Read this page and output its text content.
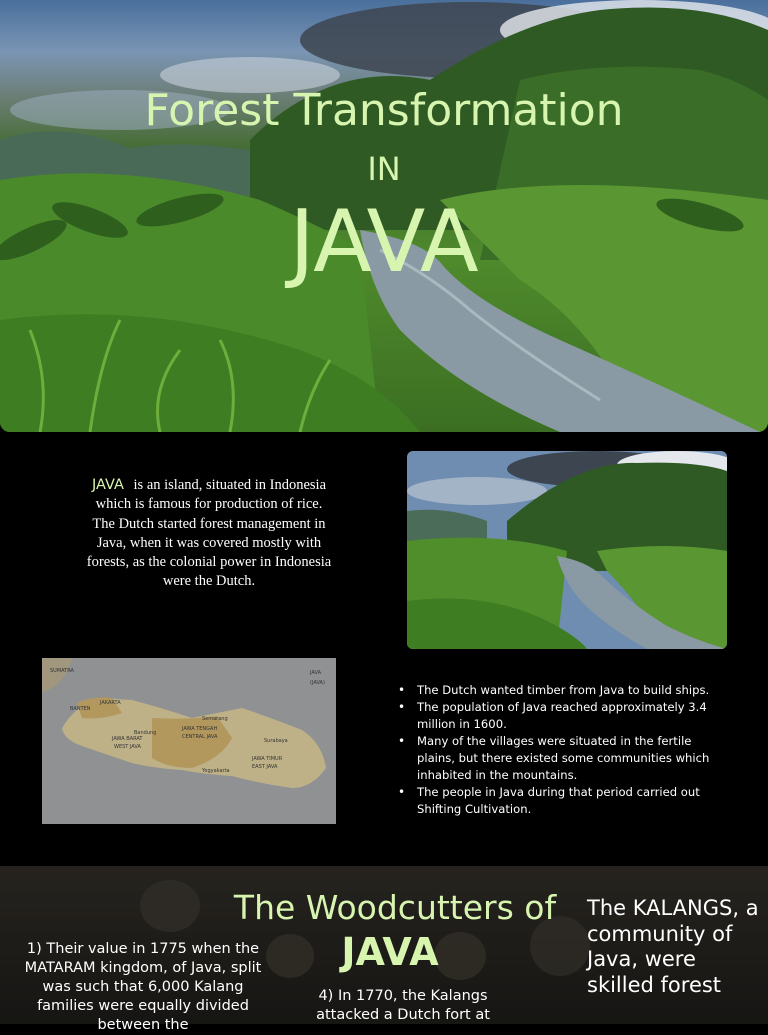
Forest Transformation
IN
JAVA
JAVA is an island, situated in Indonesia which is famous for production of rice. The Dutch started forest management in Java, when it was covered mostly with forests, as the colonial power in Indonesia were the Dutch.
JAVA
(JAVA)
SUMATRA
BANTEN
JAKARTA
JAWA BARAT
WEST JAVA
JAWA TENGAH
CENTRAL JAVA
JAWA TIMUR
EAST JAVA
Bandung
Semarang
Surabaya
Yogyakarta
• The Dutch wanted timber from Java to build ships.
• The population of Java reached approximately 3.4 million in 1600.
• Many of the villages were situated in the fertile plains, but there existed some communities which inhabited in the mountains.
• The people in Java during that period carried out Shifting Cultivation.
The Woodcutters of
JAVA
1) Their value in 1775 when the MATARAM kingdom, of Java, split was such that 6,000 Kalang families were equally divided between the
4) In 1770, the Kalangs attacked a Dutch fort at
The KALANGS, a community of Java, were skilled forest
